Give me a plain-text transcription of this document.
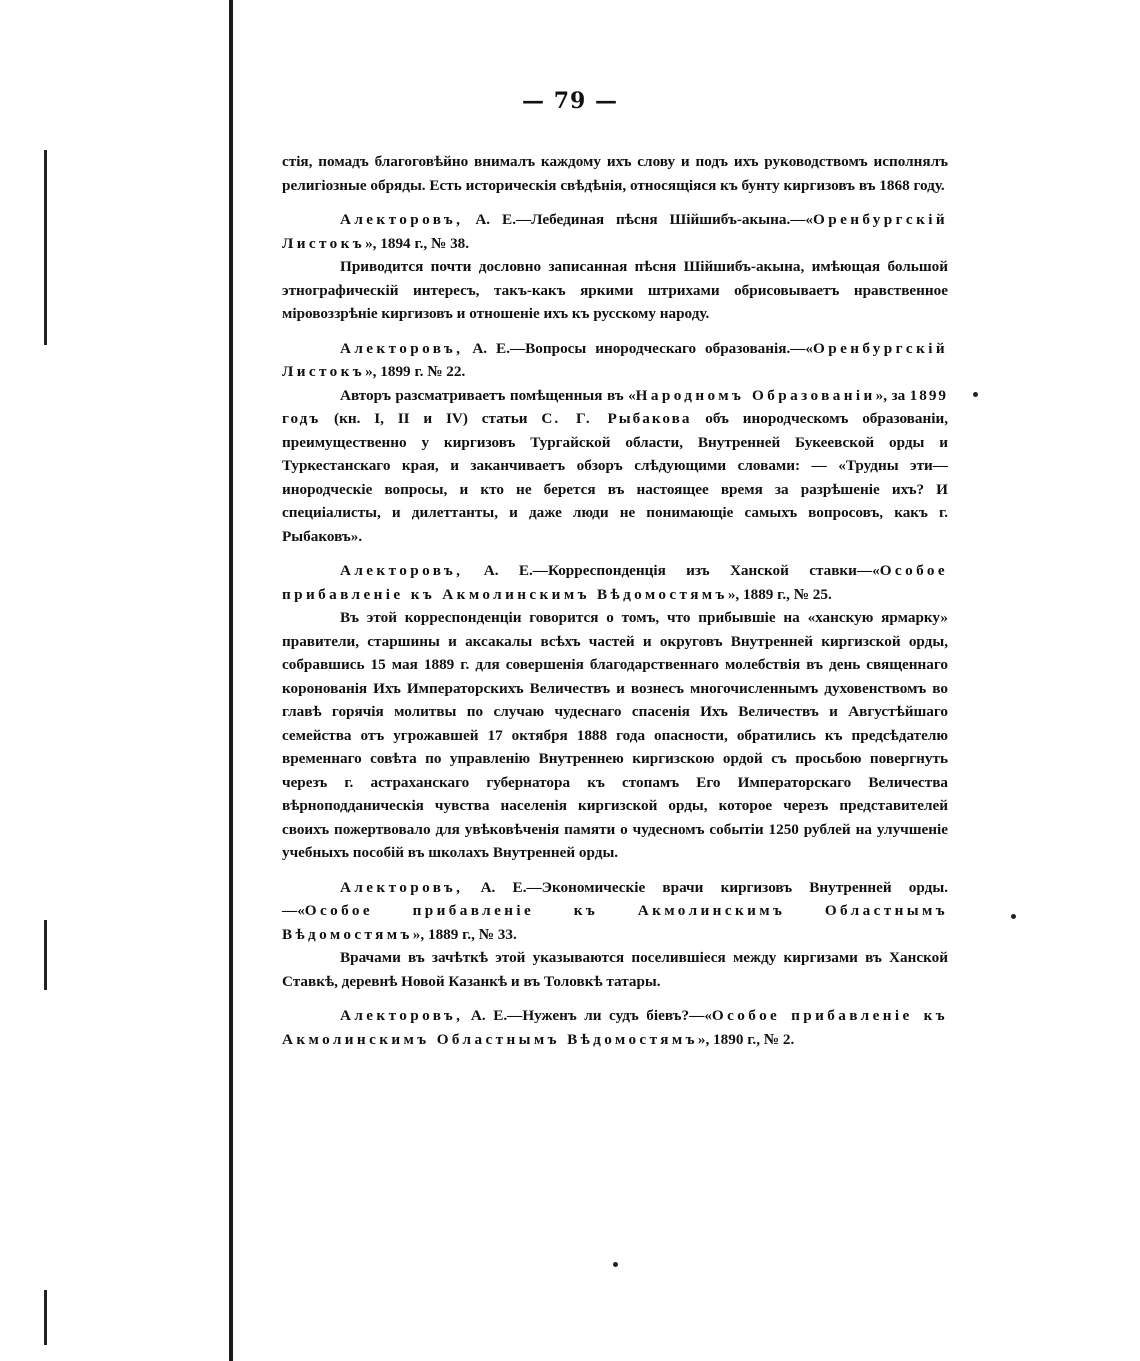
— 79 —

стія, помадъ благоговѣйно внималъ каждому ихъ слову и подъ ихъ руководствомъ исполнялъ религіозные обряды. Есть историческія свѣдѣнія, относящіяся къ бунту киргизовъ въ 1868 году.

Алекторовъ, А. Е.—Лебединая пѣсня Шійшибъ-акына.—«Оренбургскій Листокъ», 1894 г., № 38.

Приводится почти дословно записанная пѣсня Шійшибъ-акына, имѣющая большой этнографическій интересъ, такъ-какъ яркими штрихами обрисовываетъ нравственное міровоззрѣніе киргизовъ и отношеніе ихъ къ русскому народу.

Алекторовъ, А. Е.—Вопросы инородческаго образованія.—«Оренбургскій Листокъ», 1899 г. № 22.

Авторъ разсматриваетъ помѣщенныя въ «Народномъ Образованіи», за 1899 годъ (кн. I, II и IV) статьи С. Г. Рыбакова объ инородческомъ образованіи, преимущественно у киргизовъ Тургайской области, Внутренней Букеевской орды и Туркестанскаго края, и заканчиваетъ обзоръ слѣдующими словами: — «Трудны эти—инородческіе вопросы, и кто не берется въ настоящее время за разрѣшеніе ихъ? И специіалисты, и дилеттанты, и даже люди не понимающіе самыхъ вопросовъ, какъ г. Рыбаковъ».

Алекторовъ, А. Е.—Корреспонденція изъ Ханской ставки—«Особое прибавленіе къ Акмолинскимъ Вѣдомостямъ», 1889 г., № 25.

Въ этой корреспонденціи говорится о томъ, что прибывшіе на «ханскую ярмарку» правители, старшины и аксакалы всѣхъ частей и округовъ Внутренней киргизской орды, собравшись 15 мая 1889 г. для совершенія благодарственнаго молебствія въ день священнаго коронованія Ихъ Императорскихъ Величествъ и вознесъ многочисленнымъ духовенствомъ во главѣ горячія молитвы по случаю чудеснаго спасенія Ихъ Величествъ и Августѣйшаго семейства отъ угрожавшей 17 октября 1888 года опасности, обратились къ предсѣдателю временнаго совѣта по управленію Внутреннею киргизскою ордой съ просьбою повергнуть черезъ г. астраханскаго губернатора къ стопамъ Его Императорскаго Величества вѣрноподданическія чувства населенія киргизской орды, которое черезъ представителей своихъ пожертвовало для увѣковѣченія памяти о чудесномъ событіи 1250 рублей на улучшеніе учебныхъ пособій въ школахъ Внутренней орды.

Алекторовъ, А. Е.—Экономическіе врачи киргизовъ Внутренней орды.—«Особое прибавленіе къ Акмолинскимъ Областнымъ Вѣдомостямъ», 1889 г., № 33.

Врачами въ зачѣткѣ этой указываются поселившіеся между киргизами въ Ханской Ставкѣ, деревнѣ Новой Казанкѣ и въ Толовкѣ татары.

Алекторовъ, А. Е.—Нуженъ ли судъ біевъ?—«Особое прибавленіе къ Акмолинскимъ Областнымъ Вѣдомостямъ», 1890 г., № 2.
